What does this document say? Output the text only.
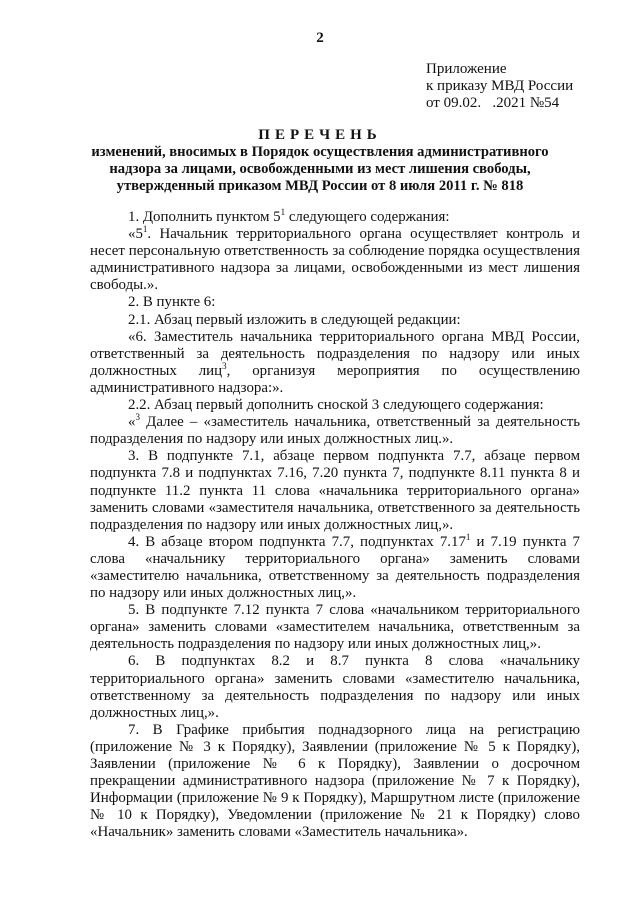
2
Приложение
к приказу МВД России
от 09.02.   .2021 №54
ПЕРЕЧЕНЬ
изменений, вносимых в Порядок осуществления административного
надзора за лицами, освобожденными из мест лишения свободы,
утвержденный приказом МВД России от 8 июля 2011 г. № 818

1. Дополнить пунктом $5^1$ следующего содержания:

«$5^1$. Начальник территориального органа осуществляет контроль и несет персональную ответственность за соблюдение порядка осуществления административного надзора за лицами, освобожденными из мест лишения свободы.».

2. В пункте 6:

2.1. Абзац первый изложить в следующей редакции:

«6. Заместитель начальника территориального органа МВД России, ответственный за деятельность подразделения по надзору или иных должностных лиц$^3$, организуя мероприятия по осуществлению административного надзора:».

2.2. Абзац первый дополнить сноской 3 следующего содержания:

«$^3$ Далее – «заместитель начальника, ответственный за деятельность подразделения по надзору или иных должностных лиц.».

3. В подпункте 7.1, абзаце первом подпункта 7.7, абзаце первом подпункта 7.8 и подпунктах 7.16, 7.20 пункта 7, подпункте 8.11 пункта 8 и подпункте 11.2 пункта 11 слова «начальника территориального органа» заменить словами «заместителя начальника, ответственного за деятельность подразделения по надзору или иных должностных лиц,».

4. В абзаце втором подпункта 7.7, подпунктах 7.17$^1$ и 7.19 пункта 7 слова «начальнику территориального органа» заменить словами «заместителю начальника, ответственному за деятельность подразделения по надзору или иных должностных лиц,».

5. В подпункте 7.12 пункта 7 слова «начальником территориального органа» заменить словами «заместителем начальника, ответственным за деятельность подразделения по надзору или иных должностных лиц,».

6. В подпунктах 8.2 и 8.7 пункта 8 слова «начальнику территориального органа» заменить словами «заместителю начальника, ответственному за деятельность подразделения по надзору или иных должностных лиц,».

7. В Графике прибытия поднадзорного лица на регистрацию (приложение № 3 к Порядку), Заявлении (приложение № 5 к Порядку), Заявлении (приложение № 6 к Порядку), Заявлении о досрочном прекращении административного надзора (приложение № 7 к Порядку), Информации (приложение № 9 к Порядку), Маршрутном листе (приложение № 10 к Порядку), Уведомлении (приложение № 21 к Порядку) слово «Начальник» заменить словами «Заместитель начальника».
